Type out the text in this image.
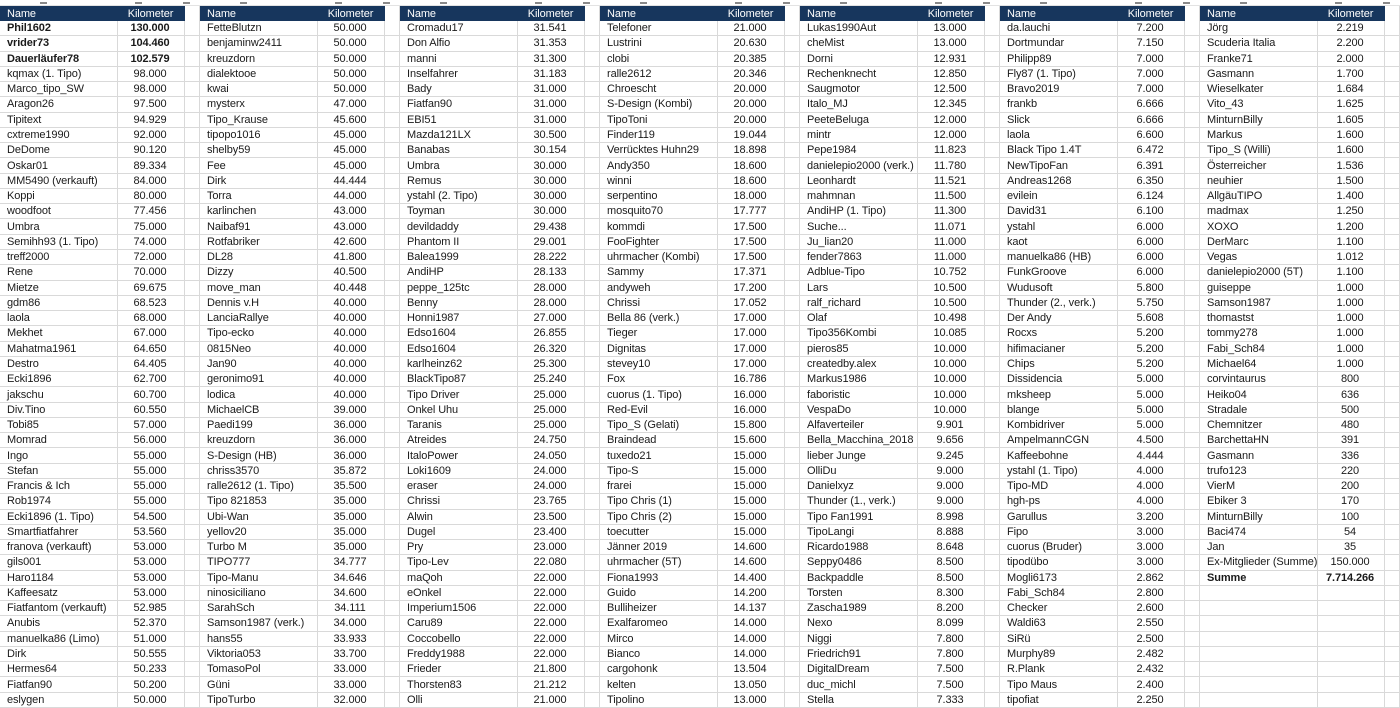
Name	Kilometer
Phil1602	130.000
vrider73	104.460
Dauerläufer78	102.579
kqmax (1. Tipo)	98.000
Marco_tipo_SW	98.000
Aragon26	97.500
Tipitext	94.929
cxtreme1990	92.000
DeDome	90.120
Oskar01	89.334
MM5490 (verkauft)	84.000
Koppi	80.000
woodfoot	77.456
Umbra	75.000
Semihh93 (1. Tipo)	74.000
treff2000	72.000
Rene	70.000
Mietze	69.675
gdm86	68.523
laola	68.000
Mekhet	67.000
Mahatma1961	64.650
Destro	64.405
Ecki1896	62.700
jakschu	60.700
Div.Tino	60.550
Tobi85	57.000
Momrad	56.000
Ingo	55.000
Stefan	55.000
Francis & Ich	55.000
Rob1974	55.000
Ecki1896 (1. Tipo)	54.500
Smartfiatfahrer	53.560
franova (verkauft)	53.000
gils001	53.000
Haro1184	53.000
Kaffeesatz	53.000
Fiatfantom (verkauft)	52.985
Anubis	52.370
manuelka86 (Limo)	51.000
Dirk	50.555
Hermes64	50.233
Fiatfan90	50.200
eslygen	50.000
Name	Kilometer
FetteBlutzn	50.000
benjaminw2411	50.000
kreuzdorn	50.000
dialektooe	50.000
kwai	50.000
mysterx	47.000
Tipo_Krause	45.600
tipopo1016	45.000
shelby59	45.000
Fee	45.000
Dirk	44.444
Torra	44.000
karlinchen	43.000
Naibaf91	43.000
Rotfabriker	42.600
DL28	41.800
Dizzy	40.500
move_man	40.448
Dennis v.H	40.000
LanciaRallye	40.000
Tipo-ecko	40.000
0815Neo	40.000
Jan90	40.000
geronimo91	40.000
lodica	40.000
MichaelCB	39.000
Paedi199	36.000
kreuzdorn	36.000
S-Design (HB)	36.000
chriss3570	35.872
ralle2612 (1. Tipo)	35.500
Tipo 821853	35.000
Ubi-Wan	35.000
yellov20	35.000
Turbo M	35.000
TIPO777	34.777
Tipo-Manu	34.646
ninosiciliano	34.600
SarahSch	34.111
Samson1987 (verk.)	34.000
hans55	33.933
Viktoria053	33.700
TomasoPol	33.000
Güni	33.000
TipoTurbo	32.000
Name	Kilometer
Cromadu17	31.541
Don Alfio	31.353
manni	31.300
Inselfahrer	31.183
Bady	31.000
Fiatfan90	31.000
EBI51	31.000
Mazda121LX	30.500
Banabas	30.154
Umbra	30.000
Remus	30.000
ystahl (2. Tipo)	30.000
Toyman	30.000
devildaddy	29.438
Phantom II	29.001
Balea1999	28.222
AndiHP	28.133
peppe_125tc	28.000
Benny	28.000
Honni1987	27.000
Edso1604	26.855
Edso1604	26.320
karlheinz62	25.300
BlackTipo87	25.240
Tipo Driver	25.000
Onkel Uhu	25.000
Taranis	25.000
Atreides	24.750
ItaloPower	24.050
Loki1609	24.000
eraser	24.000
Chrissi	23.765
Alwin	23.500
Dugel	23.400
Pry	23.000
Tipo-Lev	22.080
maQoh	22.000
eOnkel	22.000
Imperium1506	22.000
Caru89	22.000
Coccobello	22.000
Freddy1988	22.000
Frieder	21.800
Thorsten83	21.212
Olli	21.000
Name	Kilometer
Telefoner	21.000
Lustrini	20.630
clobi	20.385
ralle2612	20.346
Chroescht	20.000
S-Design (Kombi)	20.000
TipoToni	20.000
Finder119	19.044
Verrücktes Huhn29	18.898
Andy350	18.600
winni	18.600
serpentino	18.000
mosquito70	17.777
kommdi	17.500
FooFighter	17.500
uhrmacher (Kombi)	17.500
Sammy	17.371
andyweh	17.200
Chrissi	17.052
Bella 86 (verk.)	17.000
Tieger	17.000
Dignitas	17.000
stevey10	17.000
Fox	16.786
cuorus (1. Tipo)	16.000
Red-Evil	16.000
Tipo_S (Gelati)	15.800
Braindead	15.600
tuxedo21	15.000
Tipo-S	15.000
frarei	15.000
Tipo Chris (1)	15.000
Tipo Chris (2)	15.000
toecutter	15.000
Jänner 2019	14.600
uhrmacher (5T)	14.600
Fiona1993	14.400
Guido	14.200
Bulliheizer	14.137
Exalfaromeo	14.000
Mirco	14.000
Bianco	14.000
cargohonk	13.504
kelten	13.050
Tipolino	13.000
Name	Kilometer
Lukas1990Aut	13.000
cheMist	13.000
Dorni	12.931
Rechenknecht	12.850
Saugmotor	12.500
Italo_MJ	12.345
PeeteBeluga	12.000
mintr	12.000
Pepe1984	11.823
danielepio2000 (verk.)	11.780
Leonhardt	11.521
mahmnan	11.500
AndiHP (1. Tipo)	11.300
Suche...	11.071
Ju_lian20	11.000
fender7863	11.000
Adblue-Tipo	10.752
Lars	10.500
ralf_richard	10.500
Olaf	10.498
Tipo356Kombi	10.085
pieros85	10.000
createdby.alex	10.000
Markus1986	10.000
faboristic	10.000
VespaDo	10.000
Alfaverteiler	9.901
Bella_Macchina_2018	9.656
lieber Junge	9.245
OlliDu	9.000
Danielxyz	9.000
Thunder (1., verk.)	9.000
Tipo Fan1991	8.998
TipoLangi	8.888
Ricardo1988	8.648
Seppy0486	8.500
Backpaddle	8.500
Torsten	8.300
Zascha1989	8.200
Nexo	8.099
Niggi	7.800
Friedrich91	7.800
DigitalDream	7.500
duc_michl	7.500
Stella	7.333
Name	Kilometer
da.lauchi	7.200
Dortmundar	7.150
Philipp89	7.000
Fly87 (1. Tipo)	7.000
Bravo2019	7.000
frankb	6.666
Slick	6.666
laola	6.600
Black Tipo 1.4T	6.472
NewTipoFan	6.391
Andreas1268	6.350
evilein	6.124
David31	6.100
ystahl	6.000
kaot	6.000
manuelka86 (HB)	6.000
FunkGroove	6.000
Wudusoft	5.800
Thunder (2., verk.)	5.750
Der Andy	5.608
Rocxs	5.200
hifimacianer	5.200
Chips	5.200
Dissidencia	5.000
mksheep	5.000
blange	5.000
Kombidriver	5.000
AmpelmannCGN	4.500
Kaffeebohne	4.444
ystahl (1. Tipo)	4.000
Tipo-MD	4.000
hgh-ps	4.000
Garullus	3.200
Fipo	3.000
cuorus (Bruder)	3.000
tipodübo	3.000
Mogli6173	2.862
Fabi_Sch84	2.800
Checker	2.600
Waldi63	2.550
SiRü	2.500
Murphy89	2.482
R.Plank	2.432
Tipo Maus	2.400
tipofiat	2.250
Name	Kilometer
Jörg	2.219
Scuderia Italia	2.200
Franke71	2.000
Gasmann	1.700
Wieselkater	1.684
Vito_43	1.625
MinturnBilly	1.605
Markus	1.600
Tipo_S (Willi)	1.600
Österreicher	1.536
neuhier	1.500
AllgäuTIPO	1.400
madmax	1.250
XOXO	1.200
DerMarc	1.100
Vegas	1.012
danielepio2000 (5T)	1.100
guiseppe	1.000
Samson1987	1.000
thomastst	1.000
tommy278	1.000
Fabi_Sch84	1.000
Michael64	1.000
corvintaurus	800
Heiko04	636
Stradale	500
Chemnitzer	480
BarchettaHN	391
Gasmann	336
trufo123	220
VierM	200
Ebiker 3	170
MinturnBilly	100
Baci474	54
Jan	35
Ex-Mitglieder (Summe)	150.000
Summe	7.714.266
